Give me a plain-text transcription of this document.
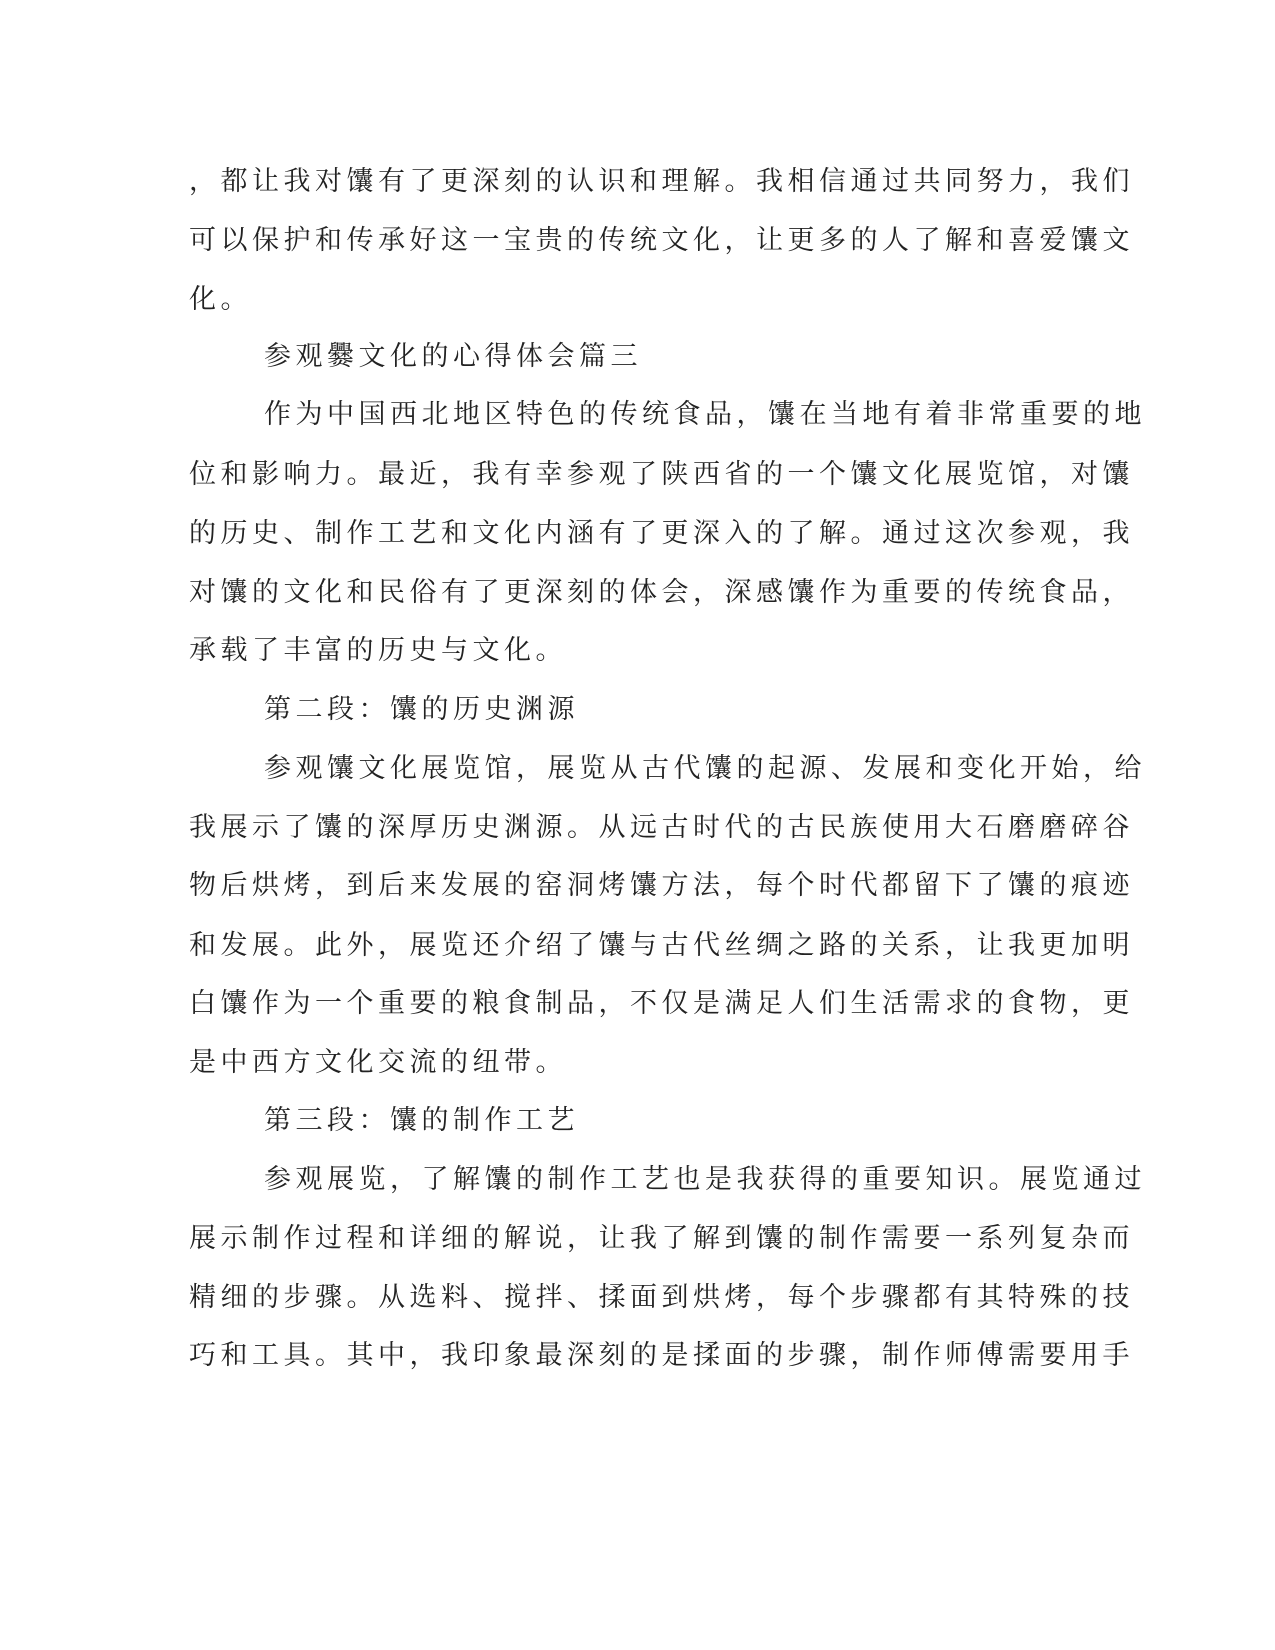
，都让我对馕有了更深刻的认识和理解。我相信通过共同努力，我们
可以保护和传承好这一宝贵的传统文化，让更多的人了解和喜爱馕文
化。
参观爨文化的心得体会篇三
作为中国西北地区特色的传统食品，馕在当地有着非常重要的地
位和影响力。最近，我有幸参观了陕西省的一个馕文化展览馆，对馕
的历史、制作工艺和文化内涵有了更深入的了解。通过这次参观，我
对馕的文化和民俗有了更深刻的体会，深感馕作为重要的传统食品，
承载了丰富的历史与文化。
第二段：馕的历史渊源
参观馕文化展览馆，展览从古代馕的起源、发展和变化开始，给
我展示了馕的深厚历史渊源。从远古时代的古民族使用大石磨磨碎谷
物后烘烤，到后来发展的窑洞烤馕方法，每个时代都留下了馕的痕迹
和发展。此外，展览还介绍了馕与古代丝绸之路的关系，让我更加明
白馕作为一个重要的粮食制品，不仅是满足人们生活需求的食物，更
是中西方文化交流的纽带。
第三段：馕的制作工艺
参观展览，了解馕的制作工艺也是我获得的重要知识。展览通过
展示制作过程和详细的解说，让我了解到馕的制作需要一系列复杂而
精细的步骤。从选料、搅拌、揉面到烘烤，每个步骤都有其特殊的技
巧和工具。其中，我印象最深刻的是揉面的步骤，制作师傅需要用手
